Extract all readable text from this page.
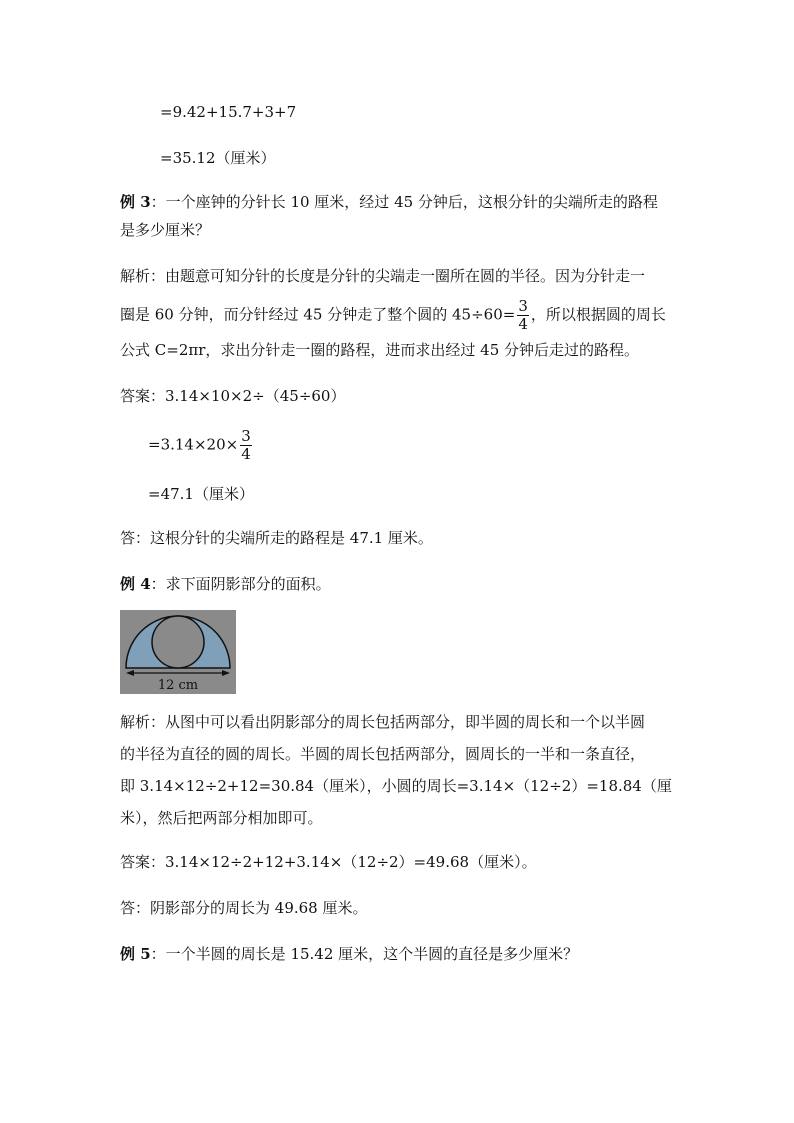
=9.42+15.7+3+7
=35.12（厘米）
例 3：一个座钟的分针长 10 厘米，经过 45 分钟后，这根分针的尖端所走的路程
是多少厘米？
解析：由题意可知分针的长度是分针的尖端走一圈所在圆的半径。因为分针走一
圈是 60 分钟，而分针经过 45 分钟走了整个圆的 $45\div 60= \frac{3}{4}$ ，所以根据圆的周长
公式 C=2πr，求出分针走一圈的路程，进而求出经过 45 分钟后走过的路程。
答案：3.14×10×2÷（45÷60）
$=3.14\times 20\times \frac{3}{4}$
=47.1（厘米）
答：这根分针的尖端所走的路程是 47.1 厘米。
例 4：求下面阴影部分的面积。
12 cm
解析：从图中可以看出阴影部分的周长包括两部分，即半圆的周长和一个以半圆
的半径为直径的圆的周长。半圆的周长包括两部分，圆周长的一半和一条直径，
即 3.14×12÷2+12=30.84（厘米），小圆的周长=3.14×（12÷2）=18.84（厘
米），然后把两部分相加即可。
答案：3.14×12÷2+12+3.14×（12÷2）=49.68（厘米）。
答：阴影部分的周长为 49.68 厘米。
例 5：一个半圆的周长是 15.42 厘米，这个半圆的直径是多少厘米？
